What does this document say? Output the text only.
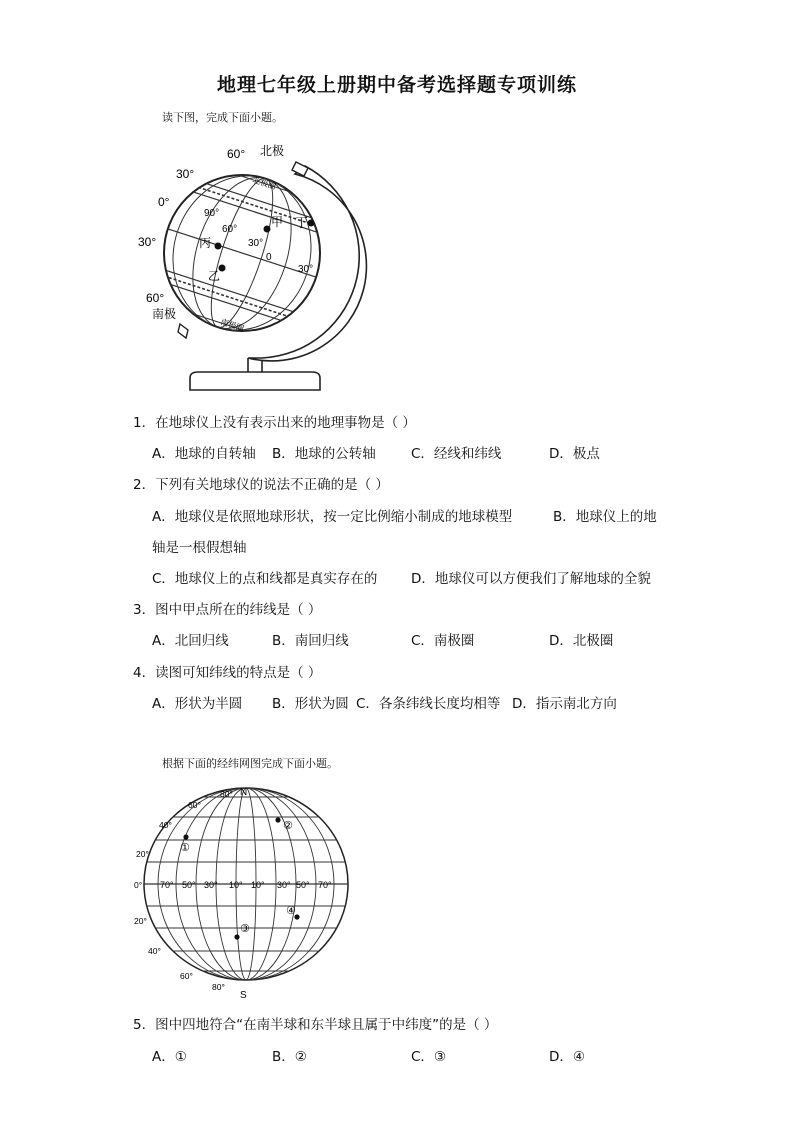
地理七年级上册期中备考选择题专项训练
读下图，完成下面小题。
60° 北极
30°
0°
30°
60°
南极
北极圈
南极圈
90°
60°
30°
0
30°
甲 丁
丙
乙
1．在地球仪上没有表示出来的地理事物是（ ）
A．地球的自转轴 B．地球的公转轴	C．经线和纬线	D．极点
2．下列有关地球仪的说法不正确的是（ ）
A．地球仪是依照地球形状，按一定比例缩小制成的地球模型	B．地球仪上的地
轴是一根假想轴
C．地球仪上的点和线都是真实存在的 D．地球仪可以方便我们了解地球的全貌
3．图中甲点所在的纬线是（ ）
A．北回归线	B．南回归线	C．南极圈	D．北极圈
4．读图可知纬线的特点是（ ）
A．形状为半圆 B．形状为圆 C．各条纬线长度均相等 D．指示南北方向
根据下面的经纬网图完成下面小题。
N
S
80°
60°
40°
20°
0°
20°
40°
60°
80°
70° 50° 30° 10° 10° 30° 50° 70°
①
②
③
④
5．图中四地符合“在南半球和东半球且属于中纬度”的是（ ）
A．①	B．②	C．③	D．④
